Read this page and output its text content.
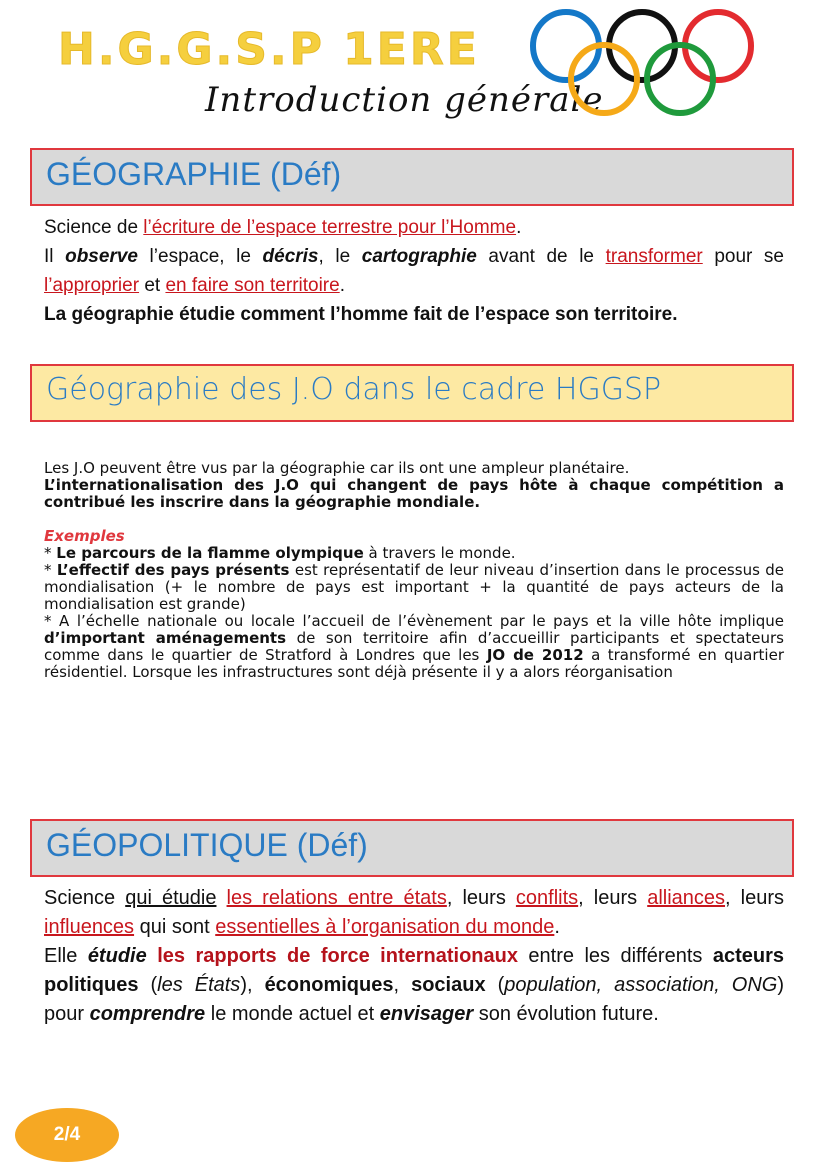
H.G.G.S.P 1ERE
Introduction générale
GÉOGRAPHIE (Déf)
Science de l’écriture de l’espace terrestre pour l’Homme.
Il observe l’espace, le décris, le cartographie avant de le transformer pour se l’approprier et en faire son territoire.
La géographie étudie comment l’homme fait de l’espace son territoire.
Géographie des J.O dans le cadre HGGSP
Les J.O peuvent être vus par la géographie car ils ont une ampleur planétaire.
L’internationalisation des J.O qui changent de pays hôte à chaque compétition a contribué les inscrire dans la géographie mondiale.
Exemples
* Le parcours de la flamme olympique à travers le monde.
* L’effectif des pays présents est représentatif de leur niveau d’insertion dans le processus de mondialisation (+ le nombre de pays est important + la quantité de pays acteurs de la mondialisation est grande)
* A l’échelle nationale ou locale l’accueil de l’évènement par le pays et la ville hôte implique d’important aménagements de son territoire afin d’accueillir participants et spectateurs comme dans le quartier de Stratford à Londres que les JO de 2012 a transformé en quartier résidentiel. Lorsque les infrastructures sont déjà présente il y a alors réorganisation
GÉOPOLITIQUE (Déf)
Science qui étudie les relations entre états, leurs conflits, leurs alliances, leurs influences qui sont essentielles à l’organisation du monde.
Elle étudie les rapports de force internationaux entre les différents acteurs politiques (les États), économiques, sociaux (population, association, ONG) pour comprendre le monde actuel et envisager son évolution future.
2/4
